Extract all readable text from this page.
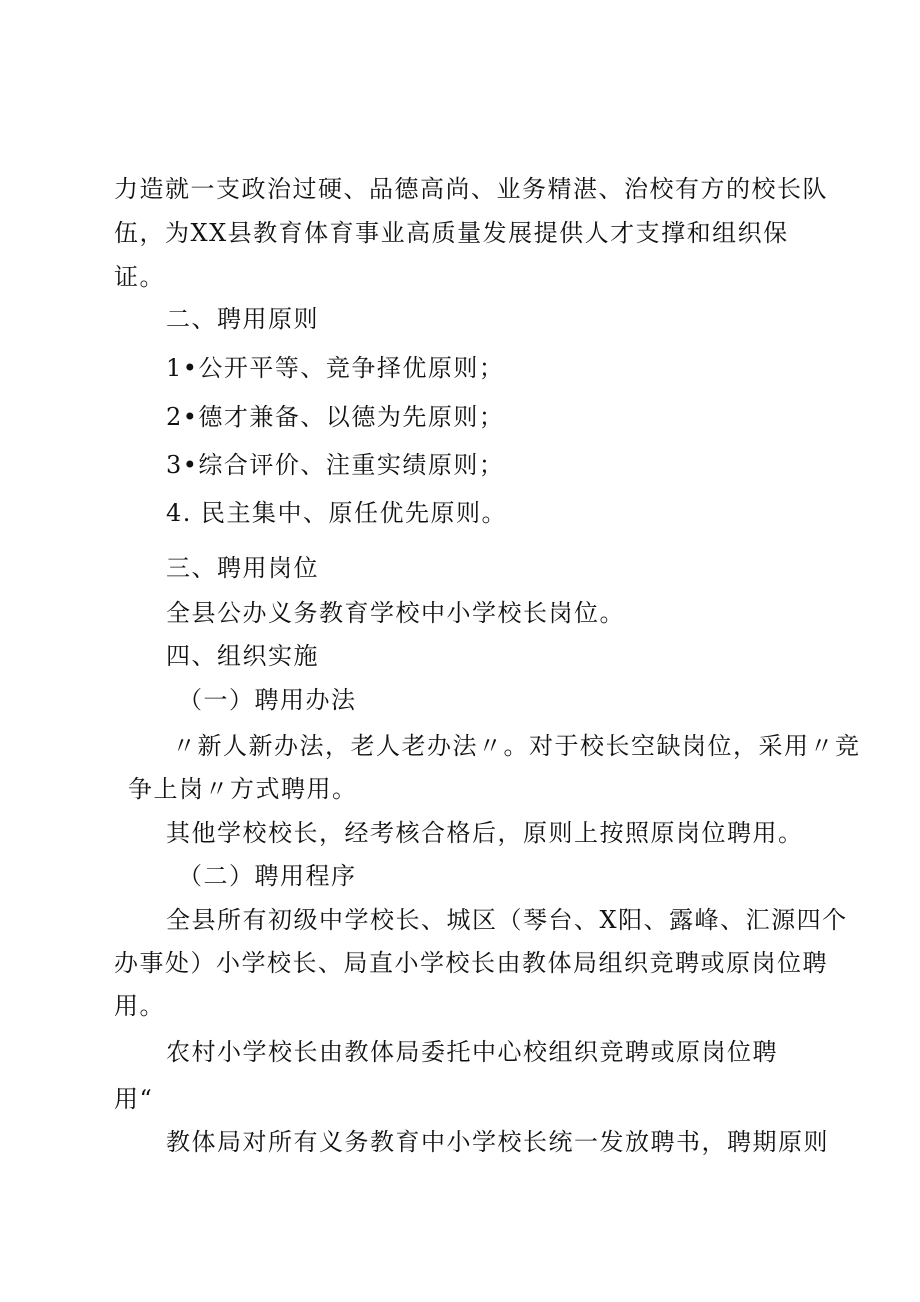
力造就一支政治过硬、品德高尚、业务精湛、治校有方的校长队
伍，为XX县教育体育事业高质量发展提供人才支撑和组织保
证。
二、聘用原则
1•公开平等、竞争择优原则；
2•德才兼备、以德为先原则；
3•综合评价、注重实绩原则；
4. 民主集中、原任优先原则。
三、聘用岗位
全县公办义务教育学校中小学校长岗位。
四、组织实施
（一）聘用办法
〃新人新办法，老人老办法〃。对于校长空缺岗位，采用〃竞
争上岗〃方式聘用。
其他学校校长，经考核合格后，原则上按照原岗位聘用。
（二）聘用程序
全县所有初级中学校长、城区（琴台、X阳、露峰、汇源四个
办事处）小学校长、局直小学校长由教体局组织竞聘或原岗位聘
用。
农村小学校长由教体局委托中心校组织竞聘或原岗位聘
用“
教体局对所有义务教育中小学校长统一发放聘书，聘期原则
